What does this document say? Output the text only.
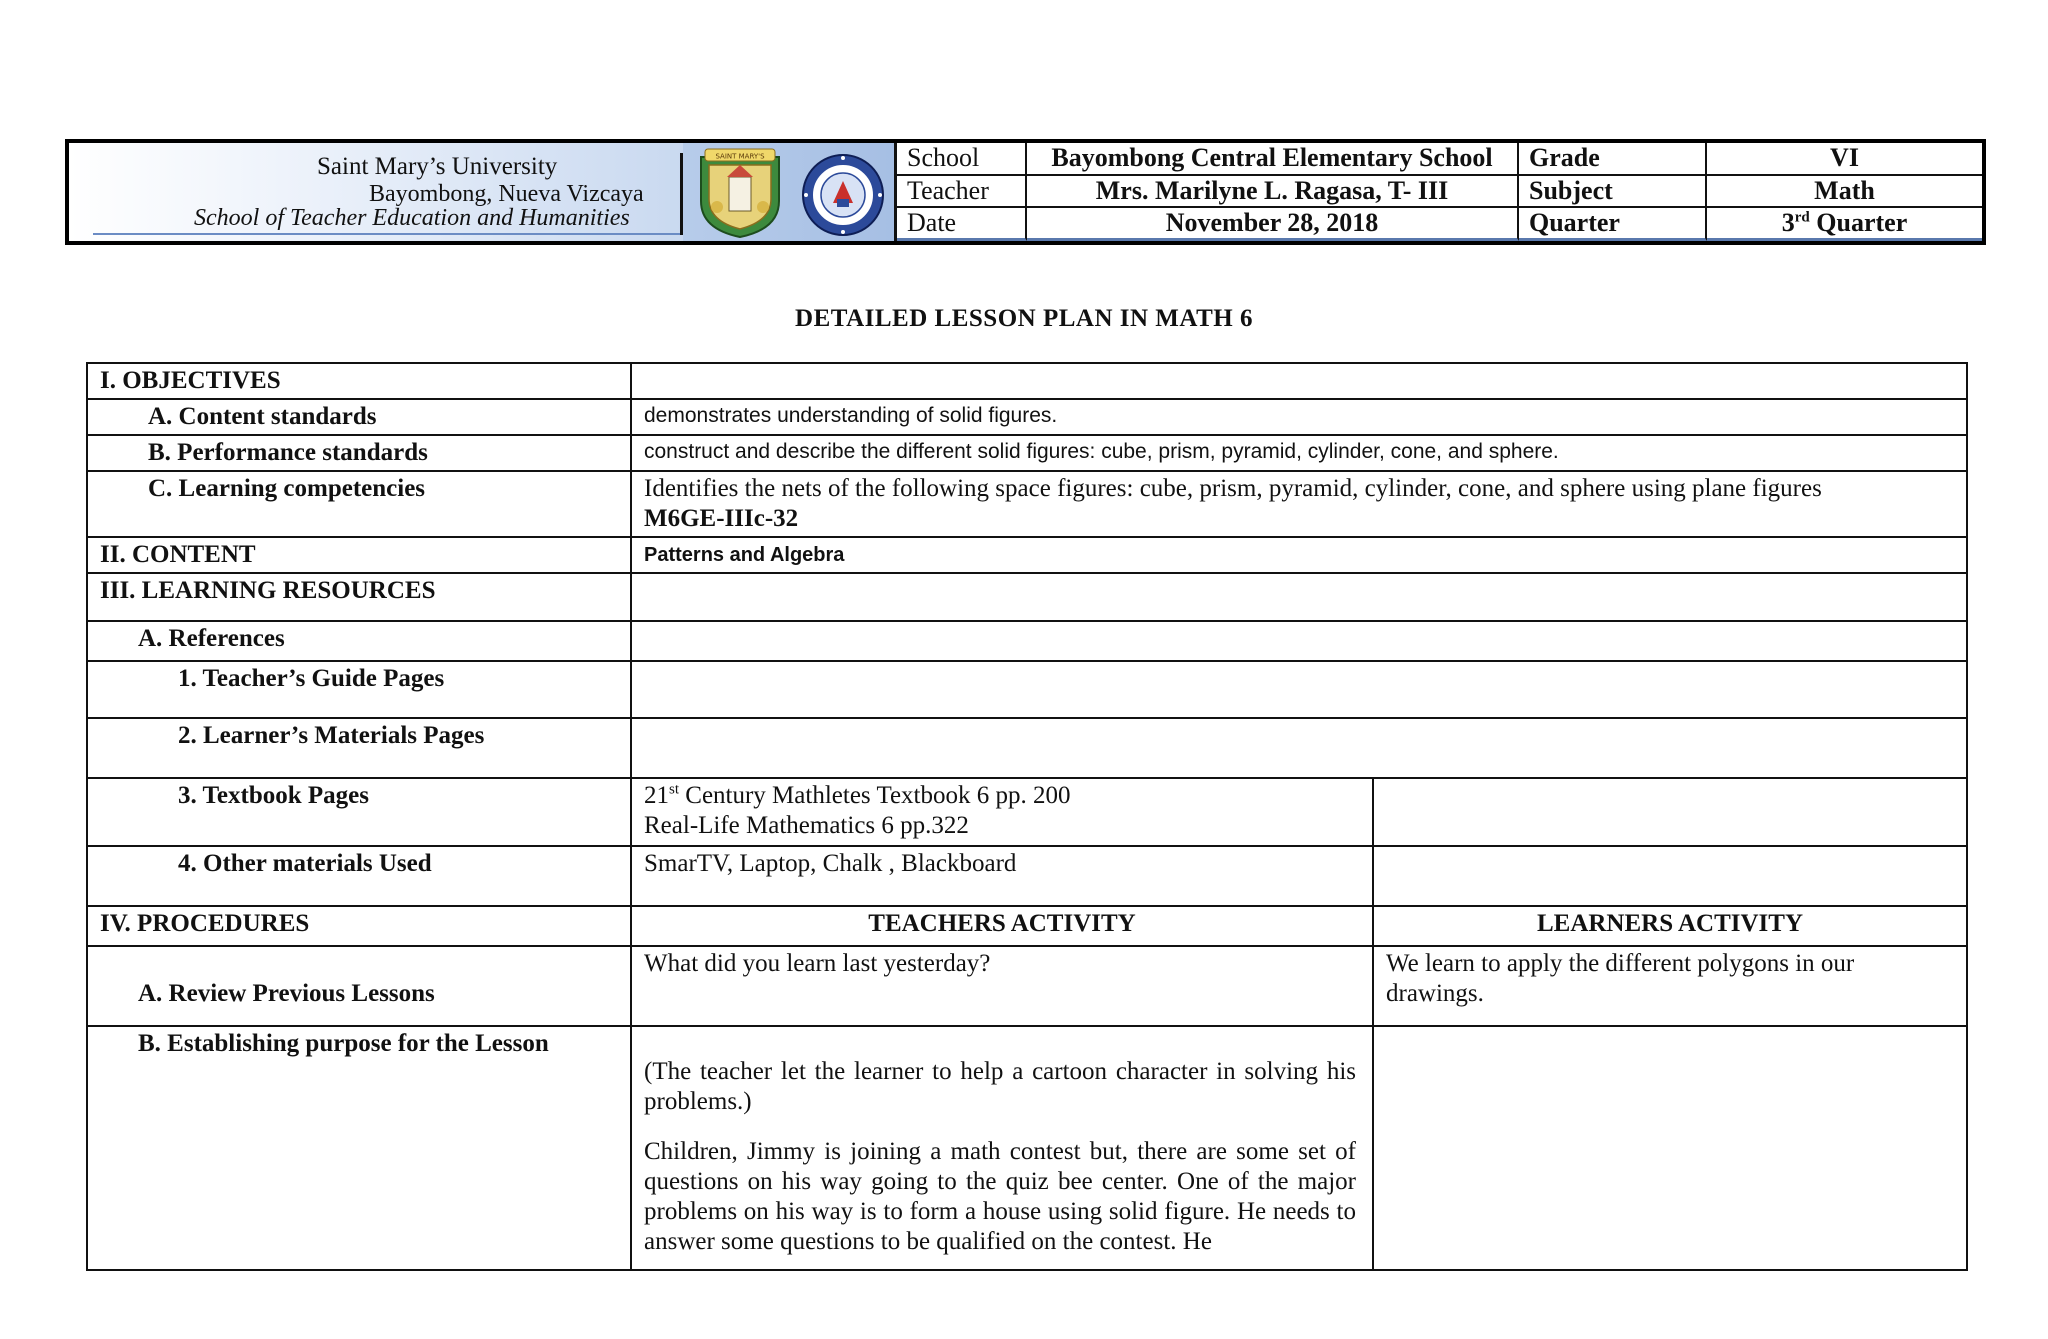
Saint Mary’s University
Bayombong, Nueva Vizcaya
School of Teacher Education and Humanities
SAINT MARY'S	School	Bayombong Central Elementary School	Grade	VI
Teacher	Mrs. Marilyne L. Ragasa, T- III	Subject	Math
Date	November 28, 2018	Quarter	3rd Quarter
DETAILED LESSON PLAN IN MATH 6
I. OBJECTIVES		
A. Content standards	demonstrates understanding of solid figures.	
B. Performance standards	construct and describe the different solid figures: cube, prism, pyramid, cylinder, cone, and sphere.	
C. Learning competencies	Identifies the nets of the following space figures: cube, prism, pyramid, cylinder, cone, and sphere using plane figures
M6GE-IIIc-32	

II. CONTENT	Patterns and Algebra	
III. LEARNING RESOURCES		
A. References		
1. Teacher’s Guide Pages		
2. Learner’s Materials Pages		
3. Textbook Pages	21st Century Mathletes Textbook 6 pp. 200
Real-Life Mathematics 6 pp.322	

4. Other materials Used	SmarTV, Laptop, Chalk , Blackboard	
IV. PROCEDURES	TEACHERS ACTIVITY	LEARNERS ACTIVITY
A. Review Previous Lessons	What did you learn last yesterday?	We learn to apply the different polygons in our drawings.
B. Establishing purpose for the Lesson	(The teacher let the learner to help a cartoon character in solving his problems.)
Children, Jimmy is joining a math contest but, there are some set of questions on his way going to the quiz bee center. One of the major problems on his way is to form a house using solid figure. He needs to answer some questions to be qualified on the contest. He	
